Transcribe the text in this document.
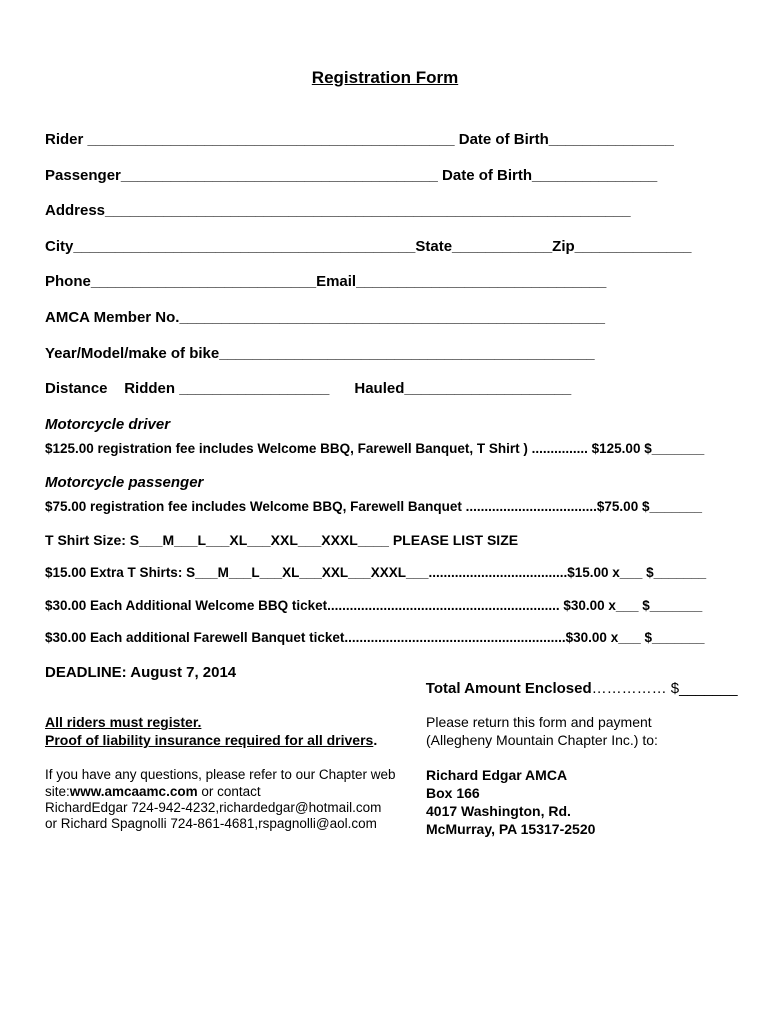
Registration Form
Rider ____________________________________________ Date of Birth_______________
Passenger______________________________________ Date of Birth_______________
Address_______________________________________________________________
City_________________________________________State____________Zip______________
Phone___________________________Email______________________________
AMCA Member No.___________________________________________________
Year/Model/make of bike_____________________________________________
Distance    Ridden __________________      Hauled____________________
Motorcycle driver
$125.00 registration fee includes Welcome BBQ, Farewell Banquet, T Shirt ) ............... $125.00 $_______
Motorcycle passenger
$75.00 registration fee includes Welcome BBQ, Farewell Banquet ...................................$75.00 $_______
T Shirt Size: S___M___L___XL___XXL___XXXL____ PLEASE LIST SIZE
$15.00 Extra T Shirts: S___M___L___XL___XXL___XXXL___.....................................$15.00 x___ $_______
$30.00 Each Additional Welcome BBQ ticket.............................................................. $30.00 x___ $_______
$30.00 Each additional Farewell Banquet ticket...........................................................$30.00 x___ $_______
DEADLINE: August 7, 2014

Total Amount Enclosed…………… $_______

All riders must register.
Proof of liability insurance required for all drivers.
If you have any questions, please refer to our Chapter web
site:www.amcaamc.com or contact
RichardEdgar 724-942-4232,richardedgar@hotmail.com
or Richard Spagnolli 724-861-4681,rspagnolli@aol.com
Please return this form and payment
(Allegheny Mountain Chapter Inc.) to:
Richard Edgar AMCA
Box 166
4017 Washington, Rd.
McMurray, PA 15317-2520
